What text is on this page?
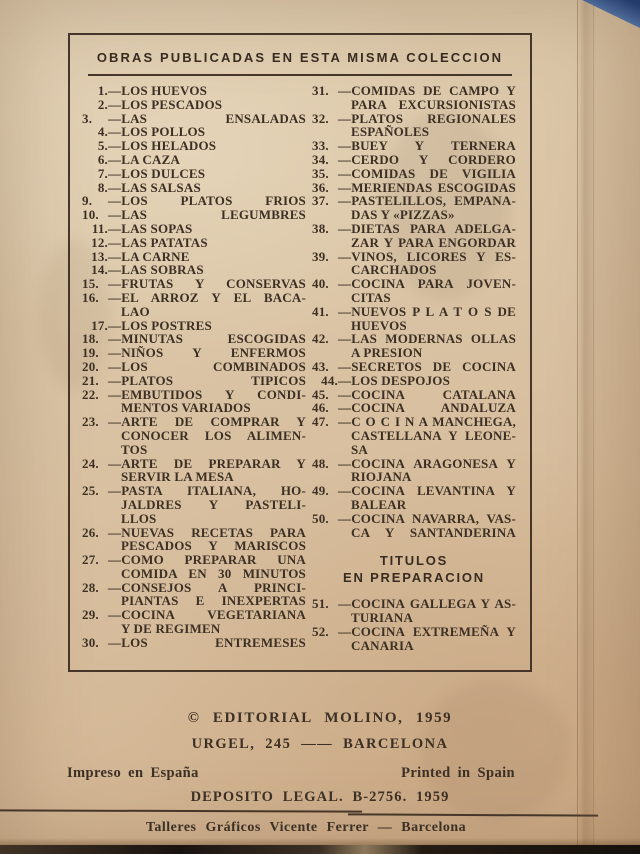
OBRAS PUBLICADAS EN ESTA MISMA COLECCION
1.—LOS HUEVOS
2.—LOS PESCADOS
3. —LAS ENSALADAS
4.—LOS POLLOS
5.—LOS HELADOS
6.—LA CAZA
7.—LOS DULCES
8.—LAS SALSAS
9. —LOS PLATOS FRIOS
10. —LAS LEGUMBRES
11.—LAS SOPAS
12.—LAS PATATAS
13.—LA CARNE
14.—LAS SOBRAS
15. —FRUTAS Y CONSERVAS
16. —EL ARROZ Y EL BACA-
LAO
17.—LOS POSTRES
18. —MINUTAS ESCOGIDAS
19. —NIÑOS Y ENFERMOS
20. —LOS COMBINADOS
21. —PLATOS TIPICOS
22. —EMBUTIDOS Y CONDI-
MENTOS VARIADOS
23. —ARTE DE COMPRAR Y
CONOCER LOS ALIMEN-
TOS
24. —ARTE DE PREPARAR Y
SERVIR LA MESA
25. —PASTA ITALIANA, HO-
JALDRES Y PASTELI-
LLOS
26. —NUEVAS RECETAS PARA
PESCADOS Y MARISCOS
27. —COMO PREPARAR UNA
COMIDA EN 30 MINUTOS
28. —CONSEJOS A PRINCI-
PIANTAS E INEXPERTAS
29. —COCINA VEGETARIANA
Y DE REGIMEN
30. —LOS ENTREMESES
31. —COMIDAS DE CAMPO Y
PARA EXCURSIONISTAS
32. —PLATOS REGIONALES
ESPAÑOLES
33. —BUEY Y TERNERA
34. —CERDO Y CORDERO
35. —COMIDAS DE VIGILIA
36. —MERIENDAS ESCOGIDAS
37. —PASTELILLOS, EMPANA-
DAS Y «PIZZAS»
38. —DIETAS PARA ADELGA-
ZAR Y PARA ENGORDAR
39. —VINOS, LICORES Y ES-
CARCHADOS
40. —COCINA PARA JOVEN-
CITAS
41. —NUEVOS P L A T O S DE
HUEVOS
42. —LAS MODERNAS OLLAS
A PRESION
43. —SECRETOS DE COCINA
44.—LOS DESPOJOS
45. —COCINA CATALANA
46. —COCINA ANDALUZA
47. —C O C I N A MANCHEGA,
CASTELLANA Y LEONE-
SA
48. —COCINA ARAGONESA Y
RIOJANA
49. —COCINA LEVANTINA Y
BALEAR
50. —COCINA NAVARRA, VAS-
CA Y SANTANDERINA
TITULOS
EN PREPARACION
51. —COCINA GALLEGA Y AS-
TURIANA
52. —COCINA EXTREMEÑA Y
CANARIA
© EDITORIAL MOLINO, 1959
URGEL, 245 —— BARCELONA
Impreso en España	Printed in Spain
DEPOSITO LEGAL. B-2756. 1959
Talleres Gráficos Vicente Ferrer — Barcelona
